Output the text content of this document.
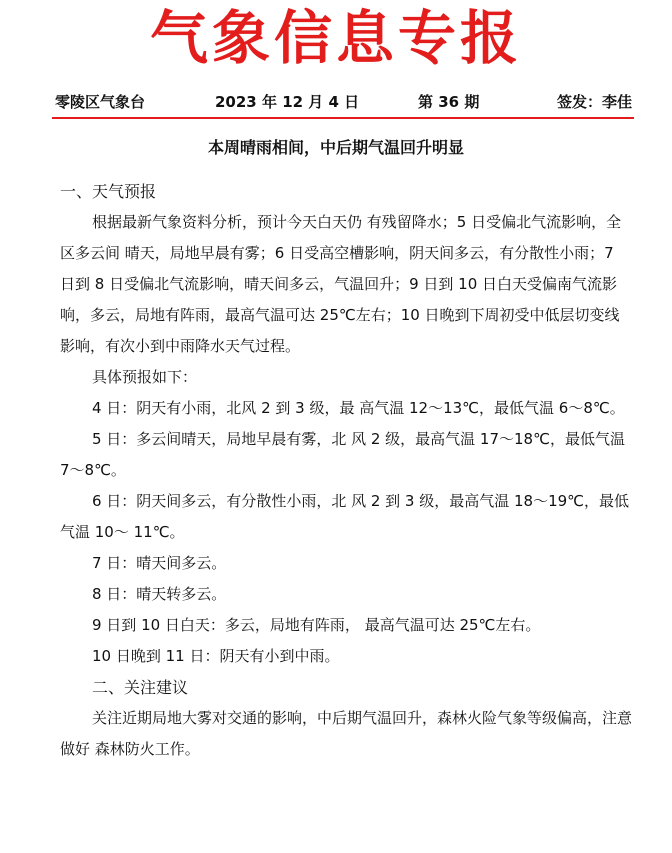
气象信息专报
零陵区气象台	2023 年 12 月 4 日	第 36 期	签发：李佳
本周晴雨相间，中后期气温回升明显

一、天气预报

根据最新气象资料分析，预计今天白天仍 有残留降水；5 日受偏北气流影响，全区多云间 晴天，局地早晨有雾；6 日受高空槽影响，阴天间多云，有分散性小雨；7 日到 8 日受偏北气流影响，晴天间多云，气温回升；9 日到 10 日白天受偏南气流影响，多云，局地有阵雨，最高气温可达 25℃左右；10 日晚到下周初受中低层切变线影响，有次小到中雨降水天气过程。

具体预报如下：

4 日：阴天有小雨，北风 2 到 3 级，最 高气温 12～13℃，最低气温 6～8℃。

5 日：多云间晴天，局地早晨有雾，北 风 2 级，最高气温 17～18℃，最低气温 7～8℃。

6 日：阴天间多云，有分散性小雨，北 风 2 到 3 级，最高气温 18～19℃，最低气温 10～ 11℃。

7 日：晴天间多云。

8 日：晴天转多云。

9 日到 10 日白天：多云，局地有阵雨， 最高气温可达 25℃左右。

10 日晚到 11 日：阴天有小到中雨。

二、关注建议

关注近期局地大雾对交通的影响，中后期气温回升，森林火险气象等级偏高，注意做好 森林防火工作。
